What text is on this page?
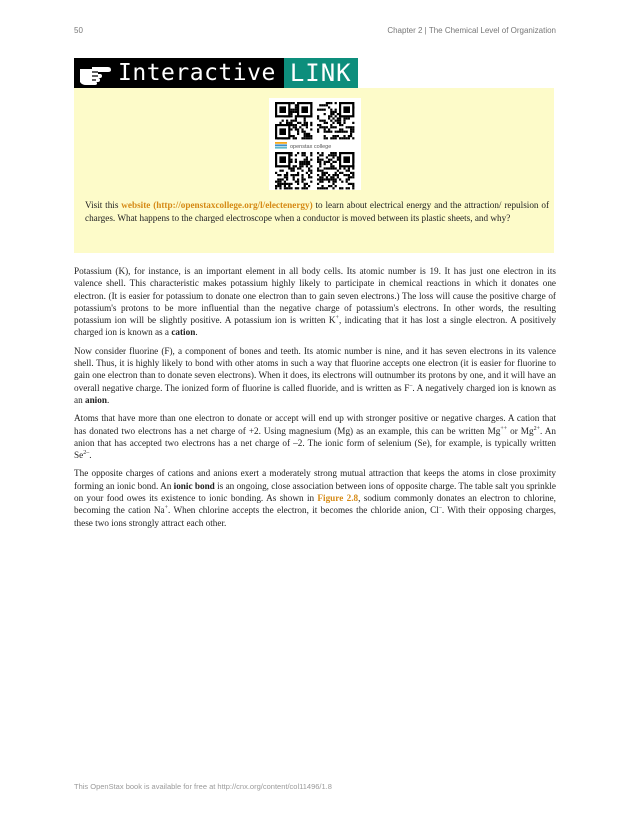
50	Chapter 2 | The Chemical Level of Organization
Interactive LINK
openstax college
Visit this website (http://openstaxcollege.org/l/electenergy) to learn about electrical energy and the attraction/ repulsion of charges. What happens to the charged electroscope when a conductor is moved between its plastic sheets, and why?

Potassium (K), for instance, is an important element in all body cells. Its atomic number is 19. It has just one electron in its valence shell. This characteristic makes potassium highly likely to participate in chemical reactions in which it donates one electron. (It is easier for potassium to donate one electron than to gain seven electrons.) The loss will cause the positive charge of potassium's protons to be more influential than the negative charge of potassium's electrons. In other words, the resulting potassium ion will be slightly positive. A potassium ion is written K+, indicating that it has lost a single electron. A positively charged ion is known as a cation.

Now consider fluorine (F), a component of bones and teeth. Its atomic number is nine, and it has seven electrons in its valence shell. Thus, it is highly likely to bond with other atoms in such a way that fluorine accepts one electron (it is easier for fluorine to gain one electron than to donate seven electrons). When it does, its electrons will outnumber its protons by one, and it will have an overall negative charge. The ionized form of fluorine is called fluoride, and is written as F–. A negatively charged ion is known as an anion.

Atoms that have more than one electron to donate or accept will end up with stronger positive or negative charges. A cation that has donated two electrons has a net charge of +2. Using magnesium (Mg) as an example, this can be written Mg++ or $Mg^{2+}$. An anion that has accepted two electrons has a net charge of –2. The ionic form of selenium (Se), for example, is typically written $Se^{2-}$.

The opposite charges of cations and anions exert a moderately strong mutual attraction that keeps the atoms in close proximity forming an ionic bond. An ionic bond is an ongoing, close association between ions of opposite charge. The table salt you sprinkle on your food owes its existence to ionic bonding. As shown in Figure 2.8, sodium commonly donates an electron to chlorine, becoming the cation Na+. When chlorine accepts the electron, it becomes the chloride anion, Cl–. With their opposing charges, these two ions strongly attract each other.

This OpenStax book is available for free at http://cnx.org/content/col11496/1.8
